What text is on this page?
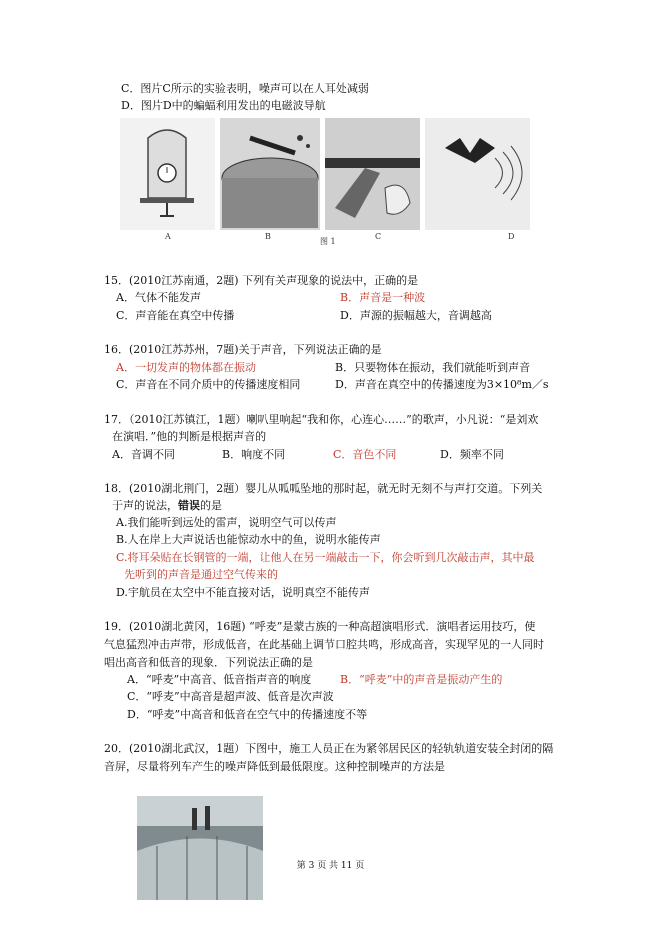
C．图片C所示的实验表明，噪声可以在人耳处减弱
D．图片D中的蝙蝠利用发出的电磁波导航
A	B	C
图 1
D
15．(2010江苏南通，2题) 下列有关声现象的说法中，正确的是
A．气体不能发声	B．声音是一种波
C．声音能在真空中传播	D．声源的振幅越大，音调越高
16．(2010江苏苏州，7题)关于声音，下列说法正确的是
A．一切发声的物体都在振动	B．只要物体在振动，我们就能听到声音
C．声音在不同介质中的传播速度相同	D．声音在真空中的传播速度为3×10⁸m／s
17．（2010江苏镇江，1题）喇叭里响起“我和你，心连心……”的歌声，小凡说：“是刘欢
在演唱．”他的判断是根据声音的
A．音调不同	B．响度不同	C．音色不同	D．频率不同
18．(2010湖北荆门，2题）婴儿从呱呱坠地的那时起，就无时无刻不与声打交道。下列关
于声的说法，错误的是
A.我们能听到远处的雷声，说明空气可以传声
B.人在岸上大声说话也能惊动水中的鱼，说明水能传声
C.将耳朵贴在长钢管的一端，让他人在另一端敲击一下，你会听到几次敲击声，其中最
先听到的声音是通过空气传来的
D.宇航员在太空中不能直接对话，说明真空不能传声
19．(2010湖北黄冈，16题) “呼麦”是蒙古族的一种高超演唱形式．演唱者运用技巧，使
气息猛烈冲击声带，形成低音，在此基础上调节口腔共鸣，形成高音，实现罕见的一人同时
唱出高音和低音的现象．下列说法正确的是
A．“呼麦”中高音、低音指声音的响度	B．“呼麦”中的声音是振动产生的
C．“呼麦”中高音是超声波、低音是次声波
D．“呼麦”中高音和低音在空气中的传播速度不等
20．(2010湖北武汉，1题）下图中，施工人员正在为紧邻居民区的轻轨轨道安装全封闭的隔
音屏，尽量将列车产生的噪声降低到最低限度。这种控制噪声的方法是
第 3 页 共 11 页
